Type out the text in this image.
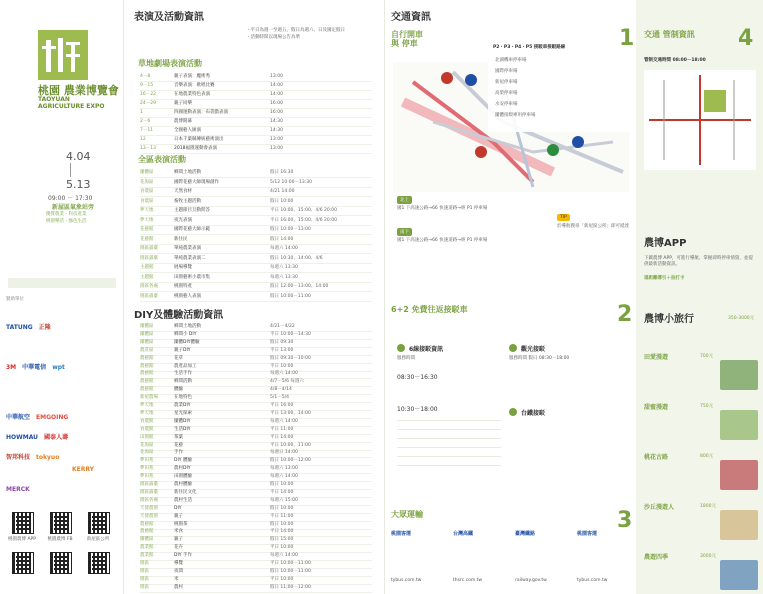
桃園 農業博覽會
TAOYUAN AGRICULTURE EXPO
4.04
5.13
09:00 － 17:30
新屋區氣象站旁
優質農業・科技產業
桃園樂活・綠色生活
贊助單位
TATUNG　 正隆
3M　 中華電信　 wpt
中華航空　 EMGOING
HOWMAU　 國泰人壽
智邦科技　 tokyuo
KERRY
MERCK
桃園農博 APP	桃園農博 FB	新屋區公所
表演及活動資訊
・平日為週一至週五，假日為週六、日及國定假日
・活動時間以現場公告為準
草地劇場表演活動
4－8	親子表演：魔術秀	13:00
9－15	音樂表演：歌唱比賽	14:00
16－22	在地農業特色表演	14:00
24－29	親子同樂	16:00
1	四國運動表演：布袋戲表演	16:00
2－6	農博開幕	14:30
7－11	全國藝人匯演	14:30
12	日本千葉縣傳統藝術演出	13:00
13－13	2018福園運動會表演	13:00
全區表演活動
團體區	鄉間土地活動	假日 16:30
花海區	國際花藝大師現場創作	5/12 10:00－13:30
食農區	天然食材	4/21 14:00
食農區	畜牧主題活動	假日 10:00
夢天地	主題節目互動問答	平日 10:00、15:00、4/6 20:00
夢天地	夜光表演	平日 16:00、15:00、4/6 20:00
花藝館	國際花藝大師示範	假日 10:00－13:00
花藝館	新住民	假日 14:00
園區露臺	單純農業表演	每週六 14:00
園區露臺	單純農業表演二	假日 10:30、14:00、4/6
主題館	展場導覽	每週六 13:30
主題館	田園藝術小農市集	每週六 13:30
園區各處	桃園特產	假日 12:00－13:00、14:00
園區露臺	桃園藝人表演	假日 10:00－11:00
DIY及體驗活動資訊
團體區	鄉間土地活動	4/21－4/22
團體區	鄉間小 DIY	平日 10:00－14:30
團體區	團體DIY體驗	假日 09:30
農莊區	親子DIY	平日 13:00
農藝館	花草	假日 09:30－10:00
農藝館	農產品加工	平日 10:00
農藝館	生活手作	每週六 14:00
農藝館	鄉間活動	4/7－5/6 每週六
農藝館	體驗	4/8－4/14
新屋農場	在地特色	5/1－5/4
夢天地	農業DIY	平日 16:00
夢天地	星光探索	平日 13:00、14:00
食農館	團體DIY	每週六 14:00
食農館	生活DIY	平日 11:00
田園館	茶葉	平日 14:00
花海區	花藝	平日 10:00、11:00
花海區	手作	每週日 14:00
夢田苑	DIY 體驗	假日 10:00－12:00
夢田苑	農村DIY	每週六 13:00
夢田苑	田園體驗	每週六 14:00
園區露臺	農村體驗	假日 10:00
園區露臺	新住民文化	平日 14:00
園區各處	農村生活	每週六 15:00
天使農園	DIY	假日 10:00
天使農園	親子	平日 11:00
農藝館	桃園茶	假日 10:00
農藝館	米食	平日 14:00
團體區	親子	假日 15:00
農業館	花卉	平日 10:00
農業館	DIY 手作	每週六 14:00
園區	導覽	平日 10:00－11:00
園區	夜間	假日 10:00－11:00
園區	米	平日 10:00
園區	農村	假日 11:00－12:00
交通資訊
自行開車 與 停車	1
P2・P3・P4・P5 接駁車接駁路線
北湖機車停車場
國際停車場
新屋停車場
高榮停車場
水安停車場
團體接駁專用停車場
北上
國1 下高速公路→66 快速道路→經 P1 停車場
南下
國1 下高速公路→66 快速道路→經 P1 停車場
TIP
於導航搜尋「新屋區公所」即可抵達
6+2 免費往返接駁車	2
6線接駁資訊
服務時間
08:30－16:30
觀光接駁
服務時間 假日 08:30－18:00
10:30－18:00
台鐵接駁
大眾運輸	3
桃園客運
tybus.com.tw
台灣高鐵
thsrc.com.tw
臺灣鐵路
railway.gov.tw
桃園客運
tybus.com.tw
交通 管制資訊	4
管制交通時間 08:00－18:00
農博APP
下載農博 APP，可進行導航、掌握即時停車情資，並提供最新活動資訊。
遠距離導引＋拍打卡
農博小旅行	350-3000元
田愛漫遊	700元
甜蜜漫遊	750元
桃花古路	800元
沙丘漫遊人	1800元
農遊四季	3000元
